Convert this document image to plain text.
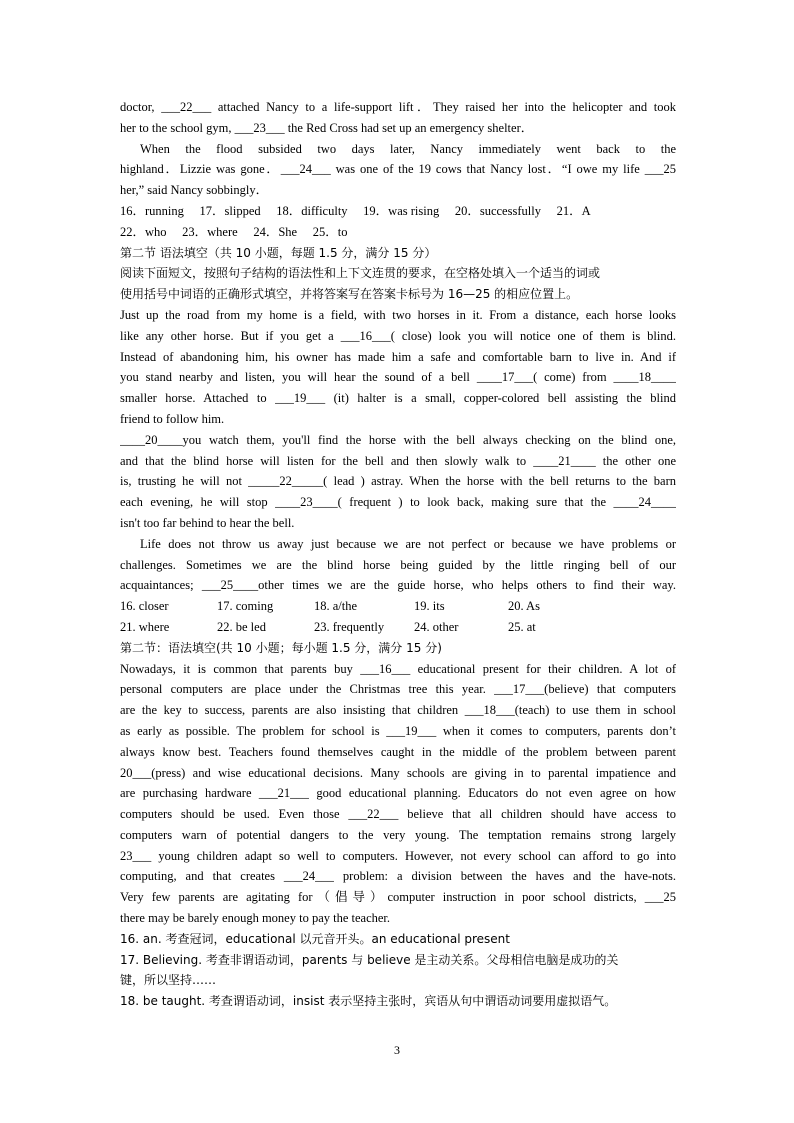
doctor, ___22___ attached Nancy to a life-support lift．They raised her into the helicopter and took
her to the school gym, ___23___ the Red Cross had set up an emergency shelter．
When the flood subsided two days later, Nancy immediately went back to the
highland．Lizzie was gone．___24___ was one of the 19 cows that Nancy lost．“I owe my life ___25
her,” said Nancy sobbingly．
16．running 17．slipped 18．difficulty 19．was rising 20．successfully 21．A
22．who 23．where 24．She 25．to
第二节 语法填空（共 10 小题，每题 1.5 分，满分 15 分）
阅读下面短文，按照句子结构的语法性和上下文连贯的要求，在空格处填入一个适当的词或
使用括号中词语的正确形式填空，并将答案写在答案卡标号为 16—25 的相应位置上。
Just up the road from my home is a field, with two horses in it. From a distance, each horse looks
like any other horse. But if you get a ___16___( close) look you will notice one of them is blind.
Instead of abandoning him, his owner has made him a safe and comfortable barn to live in. And if
you stand nearby and listen, you will hear the sound of a bell ____17___( come) from ____18____
smaller horse. Attached to ___19___ (it) halter is a small, copper-colored bell assisting the blind
friend to follow him.
____20____you watch them, you'll find the horse with the bell always checking on the blind one,
and that the blind horse will listen for the bell and then slowly walk to ____21____ the other one
is, trusting he will not _____22_____( lead ) astray. When the horse with the bell returns to the barn
each evening, he will stop ____23____( frequent ) to look back, making sure that the ____24____
isn't too far behind to hear the bell.
Life does not throw us away just because we are not perfect or because we have problems or
challenges. Sometimes we are the blind horse being guided by the little ringing bell of our
acquaintances; ___25____other times we are the guide horse, who helps others to find their way.
16. closer	17. coming	18. a/the	19. its	20. As
21. where	22. be led	23. frequently	24. other	25. at
第二节：语法填空(共 10 小题；每小题 1.5 分，满分 15 分)
Nowadays, it is common that parents buy ___16___ educational present for their children. A lot of
personal computers are place under the Christmas tree this year. ___17___(believe) that computers
are the key to success, parents are also insisting that children ___18___(teach) to use them in school
as early as possible. The problem for school is ___19___ when it comes to computers, parents don’t
always know best. Teachers found themselves caught in the middle of the problem between parent
20___(press) and wise educational decisions. Many schools are giving in to parental impatience and
are purchasing hardware ___21___ good educational planning. Educators do not even agree on how
computers should be used. Even those ___22___ believe that all children should have access to
computers warn of potential dangers to the very young. The temptation remains strong largely
23___ young children adapt so well to computers. However, not every school can afford to go into
computing, and that creates ___24___ problem: a division between the haves and the have-nots.
Very few parents are agitating for（倡导）computer instruction in poor school districts, ___25
there may be barely enough money to pay the teacher.
16. an. 考查冠词，educational 以元音开头。an educational present
17. Believing. 考查非谓语动词，parents 与 believe 是主动关系。父母相信电脑是成功的关
键，所以坚持……
18. be taught. 考查谓语动词，insist 表示坚持主张时，宾语从句中谓语动词要用虚拟语气。
3
